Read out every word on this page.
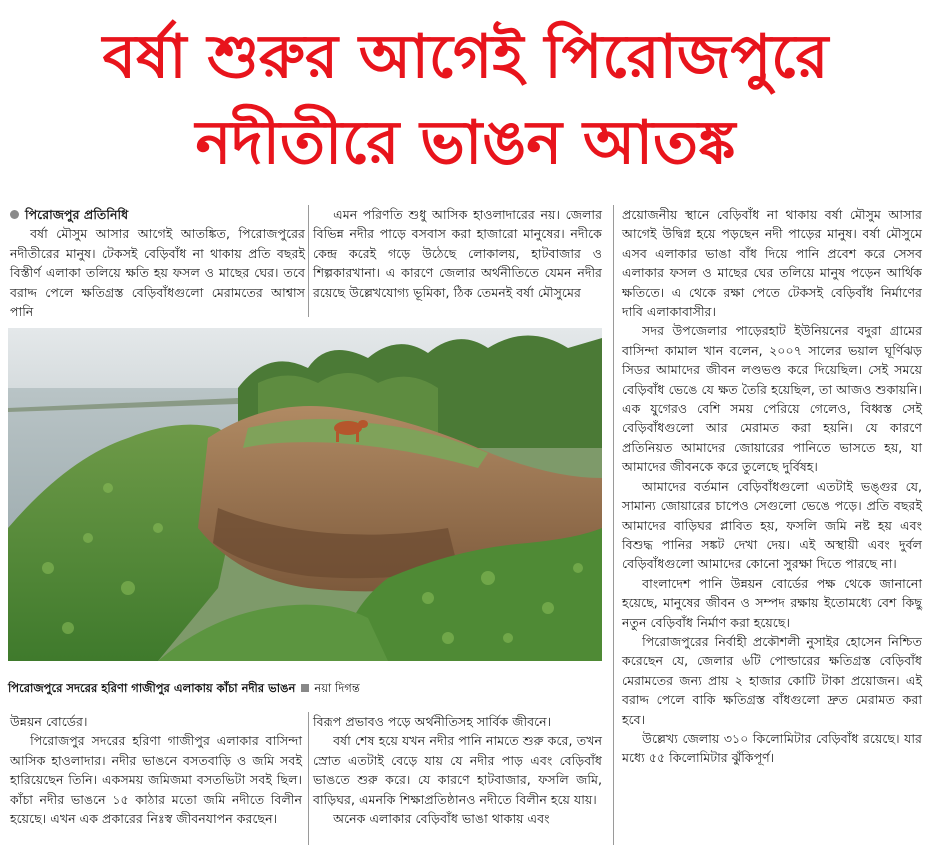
বর্ষা শুরুর আগেই পিরোজপুরে
নদীতীরে ভাঙন আতঙ্ক

পিরোজপুর প্রতিনিধি

বর্ষা মৌসুম আসার আগেই আতঙ্কিত, পিরোজপুরের নদীতীরের মানুষ। টেকসই বেড়িবাঁধ না থাকায় প্রতি বছরই বিস্তীর্ণ এলাকা তলিয়ে ক্ষতি হয় ফসল ও মাছের ঘের। তবে বরাদ্দ পেলে ক্ষতিগ্রস্ত বেড়িবাঁধগুলো মেরামতের আশ্বাস পানি

এমন পরিণতি শুধু আসিক হাওলাদারের নয়। জেলার বিভিন্ন নদীর পাড়ে বসবাস করা হাজারো মানুষের। নদীকে কেন্দ্র করেই গড়ে উঠেছে লোকালয়, হাটবাজার ও শিল্পকারখানা। এ কারণে জেলার অর্থনীতিতে যেমন নদীর রয়েছে উল্লেখযোগ্য ভূমিকা, ঠিক তেমনই বর্ষা মৌসুমের

প্রয়োজনীয় স্থানে বেড়িবাঁধ না থাকায় বর্ষা মৌসুম আসার আগেই উদ্বিগ্ন হয়ে পড়ছেন নদী পাড়ের মানুষ। বর্ষা মৌসুমে এসব এলাকার ভাঙা বাঁধ দিয়ে পানি প্রবেশ করে সেসব এলাকার ফসল ও মাছের ঘের তলিয়ে মানুষ পড়েন আর্থিক ক্ষতিতে। এ থেকে রক্ষা পেতে টেকসই বেড়িবাঁধ নির্মাণের দাবি এলাকাবাসীর।

সদর উপজেলার পাড়েরহাট ইউনিয়নের বদুরা গ্রামের বাসিন্দা কামাল খান বলেন, ২০০৭ সালের ভয়াল ঘূর্ণিঝড় সিডর আমাদের জীবন লণ্ডভণ্ড করে দিয়েছিল। সেই সময়ে বেড়িবাঁধ ভেঙে যে ক্ষত তৈরি হয়েছিল, তা আজও শুকায়নি। এক যুগেরও বেশি সময় পেরিয়ে গেলেও, বিধ্বস্ত সেই বেড়িবাঁধগুলো আর মেরামত করা হয়নি। যে কারণে প্রতিনিয়ত আমাদের জোয়ারের পানিতে ভাসতে হয়, যা আমাদের জীবনকে করে তুলেছে দুর্বিষহ।

আমাদের বর্তমান বেড়িবাঁধগুলো এতটাই ভঙ্গুর যে, সামান্য জোয়ারের চাপেও সেগুলো ভেঙে পড়ে। প্রতি বছরই আমাদের বাড়িঘর প্লাবিত হয়, ফসলি জমি নষ্ট হয় এবং বিশুদ্ধ পানির সঙ্কট দেখা দেয়। এই অস্থায়ী এবং দুর্বল বেড়িবাঁধগুলো আমাদের কোনো সুরক্ষা দিতে পারছে না।

বাংলাদেশ পানি উন্নয়ন বোর্ডের পক্ষ থেকে জানানো হয়েছে, মানুষের জীবন ও সম্পদ রক্ষায় ইতোমধ্যে বেশ কিছু নতুন বেড়িবাঁধ নির্মাণ করা হয়েছে।

পিরোজপুরের নির্বাহী প্রকৌশলী নুসাইর হোসেন নিশ্চিত করেছেন যে, জেলার ৬টি পোল্ডারের ক্ষতিগ্রস্ত বেড়িবাঁধ মেরামতের জন্য প্রায় ২ হাজার কোটি টাকা প্রয়োজন। এই বরাদ্দ পেলে বাকি ক্ষতিগ্রস্ত বাঁধগুলো দ্রুত মেরামত করা হবে।

উল্লেখ্য জেলায় ৩১০ কিলোমিটার বেড়িবাঁধ রয়েছে। যার মধ্যে ৫৫ কিলোমিটার ঝুঁকিপূর্ণ।

পিরোজপুরে সদরের হরিণা গাজীপুর এলাকায় কাঁচা নদীর ভাঙন নয়া দিগন্ত

উন্নয়ন বোর্ডের।

পিরোজপুর সদরের হরিণা গাজীপুর এলাকার বাসিন্দা আসিক হাওলাদার। নদীর ভাঙনে বসতবাড়ি ও জমি সবই হারিয়েছেন তিনি। একসময় জমিজমা বসতভিটা সবই ছিল। কাঁচা নদীর ভাঙনে ১৫ কাঠার মতো জমি নদীতে বিলীন হয়েছে। এখন এক প্রকারের নিঃস্ব জীবনযাপন করছেন।

বিরূপ প্রভাবও পড়ে অর্থনীতিসহ সার্বিক জীবনে।

বর্ষা শেষ হয়ে যখন নদীর পানি নামতে শুরু করে, তখন স্রোত এতটাই বেড়ে যায় যে নদীর পাড় এবং বেড়িবাঁধ ভাঙতে শুরু করে। যে কারণে হাটবাজার, ফসলি জমি, বাড়িঘর, এমনকি শিক্ষাপ্রতিষ্ঠানও নদীতে বিলীন হয়ে যায়।

অনেক এলাকার বেড়িবাঁধ ভাঙা থাকায় এবং
